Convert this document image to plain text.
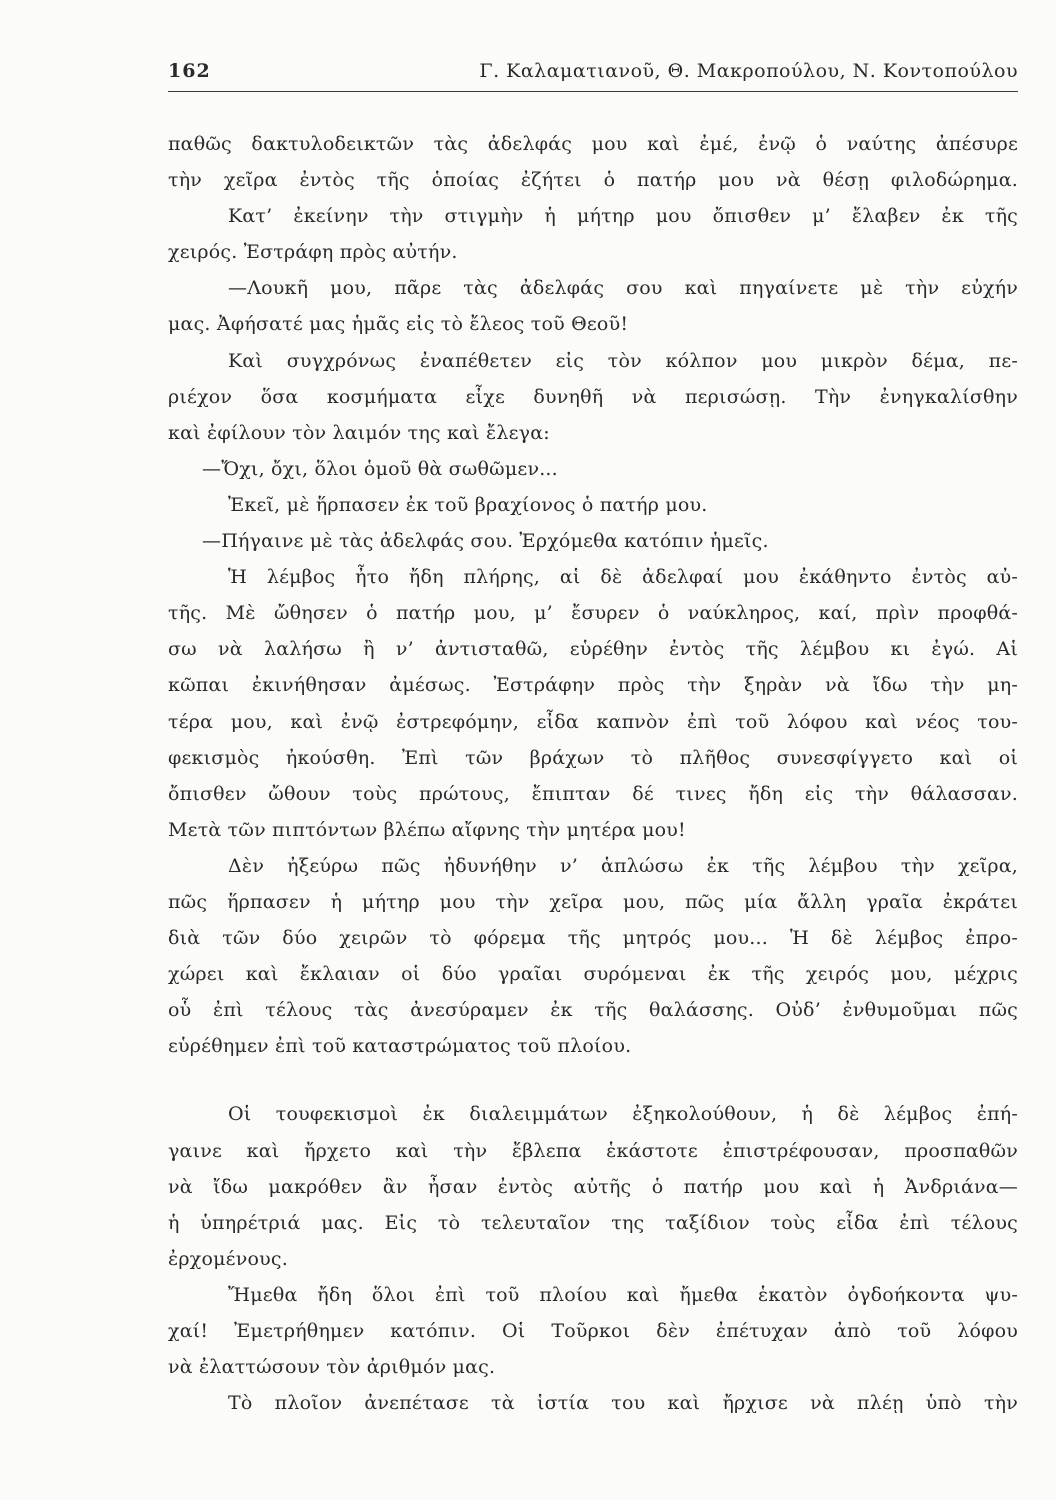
162	Γ. Καλαματιανοῦ, Θ. Μακροπούλου, Ν. Κοντοπούλου
παθῶς δακτυλοδεικτῶν τὰς ἀδελφάς μου καὶ ἐμέ, ἐνῷ ὁ ναύτης ἀπέσυρε
τὴν χεῖρα ἐντὸς τῆς ὁποίας ἐζήτει ὁ πατήρ μου νὰ θέσῃ φιλοδώρημα.
Κατ’ ἐκείνην τὴν στιγμὴν ἡ μήτηρ μου ὄπισθεν μ’ ἔλαβεν ἐκ τῆς
χειρός. Ἐστράφη πρὸς αὐτήν.
—Λουκῆ μου, πᾶρε τὰς ἀδελφάς σου καὶ πηγαίνετε μὲ τὴν εὐχήν
μας. Ἀφήσατέ μας ἡμᾶς εἰς τὸ ἔλεος τοῦ Θεοῦ!
Καὶ συγχρόνως ἐναπέθετεν εἰς τὸν κόλπον μου μικρὸν δέμα, πε-
ριέχον ὅσα κοσμήματα εἶχε δυνηθῆ νὰ περισώσῃ. Τὴν ἐνηγκαλίσθην
καὶ ἐφίλουν τὸν λαιμόν της καὶ ἔλεγα:
—Ὄχι, ὄχι, ὅλοι ὁμοῦ θὰ σωθῶμεν...
Ἐκεῖ, μὲ ἥρπασεν ἐκ τοῦ βραχίονος ὁ πατήρ μου.
—Πήγαινε μὲ τὰς ἀδελφάς σου. Ἐρχόμεθα κατόπιν ἡμεῖς.
Ἡ λέμβος ἦτο ἤδη πλήρης, αἱ δὲ ἀδελφαί μου ἐκάθηντο ἐντὸς αὐ-
τῆς. Μὲ ὤθησεν ὁ πατήρ μου, μ’ ἔσυρεν ὁ ναύκληρος, καί, πρὶν προφθά-
σω νὰ λαλήσω ἢ ν’ ἀντισταθῶ, εὑρέθην ἐντὸς τῆς λέμβου κι ἐγώ. Αἱ
κῶπαι ἐκινήθησαν ἀμέσως. Ἐστράφην πρὸς τὴν ξηρὰν νὰ ἴδω τὴν μη-
τέρα μου, καὶ ἐνῷ ἐστρεφόμην, εἶδα καπνὸν ἐπὶ τοῦ λόφου καὶ νέος του-
φεκισμὸς ἠκούσθη. Ἐπὶ τῶν βράχων τὸ πλῆθος συνεσφίγγετο καὶ οἱ
ὄπισθεν ὤθουν τοὺς πρώτους, ἔπιπταν δέ τινες ἤδη εἰς τὴν θάλασσαν.
Μετὰ τῶν πιπτόντων βλέπω αἴφνης τὴν μητέρα μου!
Δὲν ἠξεύρω πῶς ἠδυνήθην ν’ ἁπλώσω ἐκ τῆς λέμβου τὴν χεῖρα,
πῶς ἥρπασεν ἡ μήτηρ μου τὴν χεῖρα μου, πῶς μία ἄλλη γραῖα ἐκράτει
διὰ τῶν δύο χειρῶν τὸ φόρεμα τῆς μητρός μου... Ἡ δὲ λέμβος ἐπρο-
χώρει καὶ ἔκλαιαν οἱ δύο γραῖαι συρόμεναι ἐκ τῆς χειρός μου, μέχρις
οὗ ἐπὶ τέλους τὰς ἀνεσύραμεν ἐκ τῆς θαλάσσης. Οὐδ’ ἐνθυμοῦμαι πῶς
εὑρέθημεν ἐπὶ τοῦ καταστρώματος τοῦ πλοίου.
Οἱ τουφεκισμοὶ ἐκ διαλειμμάτων ἐξηκολούθουν, ἡ δὲ λέμβος ἐπή-
γαινε καὶ ἤρχετο καὶ τὴν ἔβλεπα ἑκάστοτε ἐπιστρέφουσαν, προσπαθῶν
νὰ ἴδω μακρόθεν ἂν ἦσαν ἐντὸς αὐτῆς ὁ πατήρ μου καὶ ἡ Ἀνδριάνα—
ἡ ὑπηρέτριά μας. Εἰς τὸ τελευταῖον της ταξίδιον τοὺς εἶδα ἐπὶ τέλους
ἐρχομένους.
Ἤμεθα ἤδη ὅλοι ἐπὶ τοῦ πλοίου καὶ ἤμεθα ἑκατὸν ὀγδοήκοντα ψυ-
χαί! Ἐμετρήθημεν κατόπιν. Οἱ Τοῦρκοι δὲν ἐπέτυχαν ἀπὸ τοῦ λόφου
νὰ ἐλαττώσουν τὸν ἀριθμόν μας.
Τὸ πλοῖον ἀνεπέτασε τὰ ἱστία του καὶ ἤρχισε νὰ πλέῃ ὑπὸ τὴν
